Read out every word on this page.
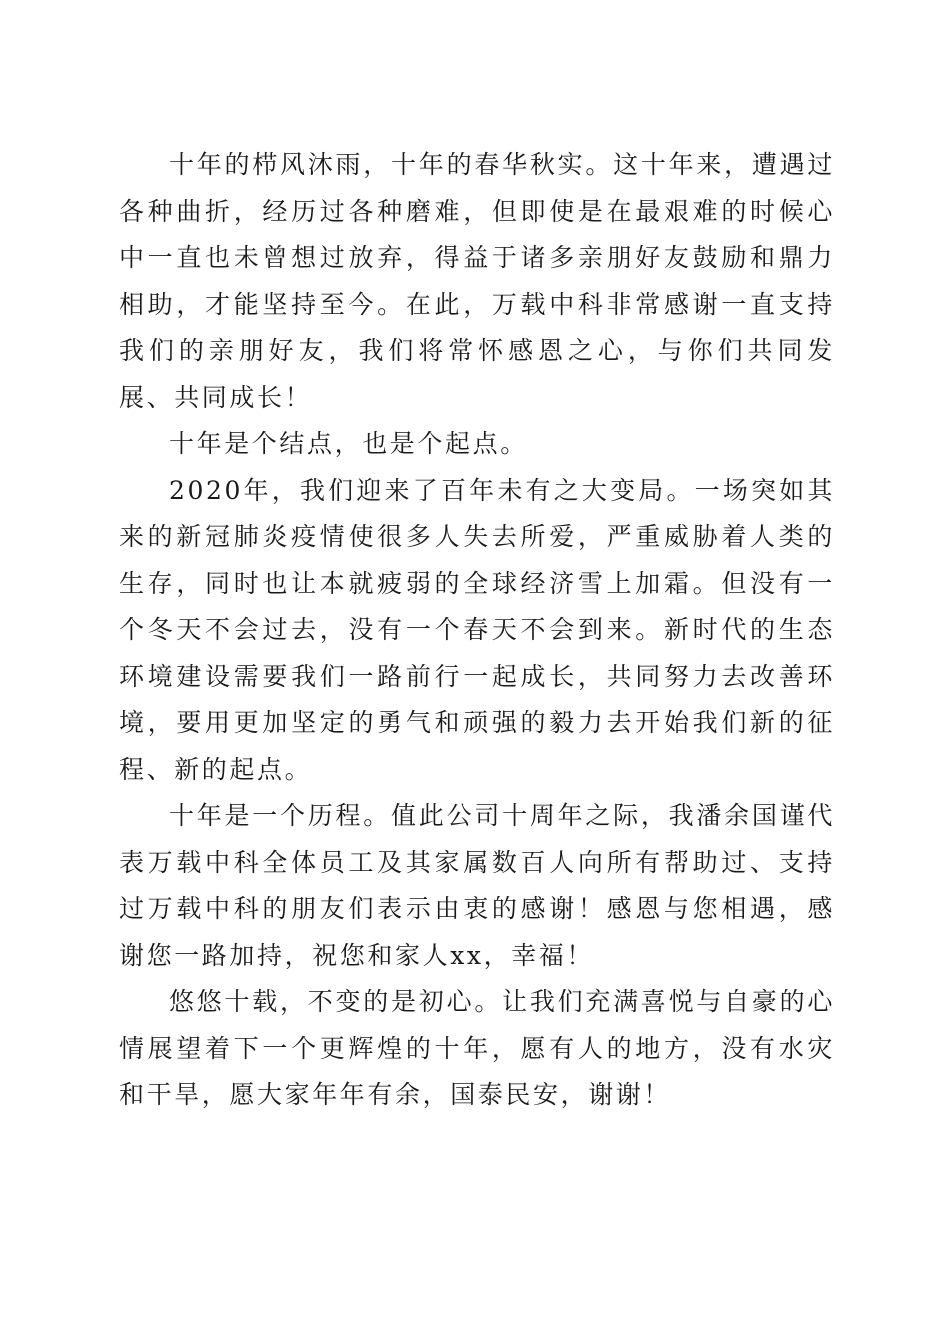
十年的栉风沐雨，十年的春华秋实。这十年来，遭遇过各种曲折，经历过各种磨难，但即使是在最艰难的时候心中一直也未曾想过放弃，得益于诸多亲朋好友鼓励和鼎力相助，才能坚持至今。在此，万载中科非常感谢一直支持我们的亲朋好友，我们将常怀感恩之心，与你们共同发展、共同成长！

十年是个结点，也是个起点。

2020年，我们迎来了百年未有之大变局。一场突如其来的新冠肺炎疫情使很多人失去所爱，严重威胁着人类的生存，同时也让本就疲弱的全球经济雪上加霜。但没有一个冬天不会过去，没有一个春天不会到来。新时代的生态环境建设需要我们一路前行一起成长，共同努力去改善环境，要用更加坚定的勇气和顽强的毅力去开始我们新的征程、新的起点。

十年是一个历程。值此公司十周年之际，我潘余国谨代表万载中科全体员工及其家属数百人向所有帮助过、支持过万载中科的朋友们表示由衷的感谢！感恩与您相遇，感谢您一路加持，祝您和家人xx，幸福！

悠悠十载，不变的是初心。让我们充满喜悦与自豪的心情展望着下一个更辉煌的十年，愿有人的地方，没有水灾和干旱，愿大家年年有余，国泰民安，谢谢！
